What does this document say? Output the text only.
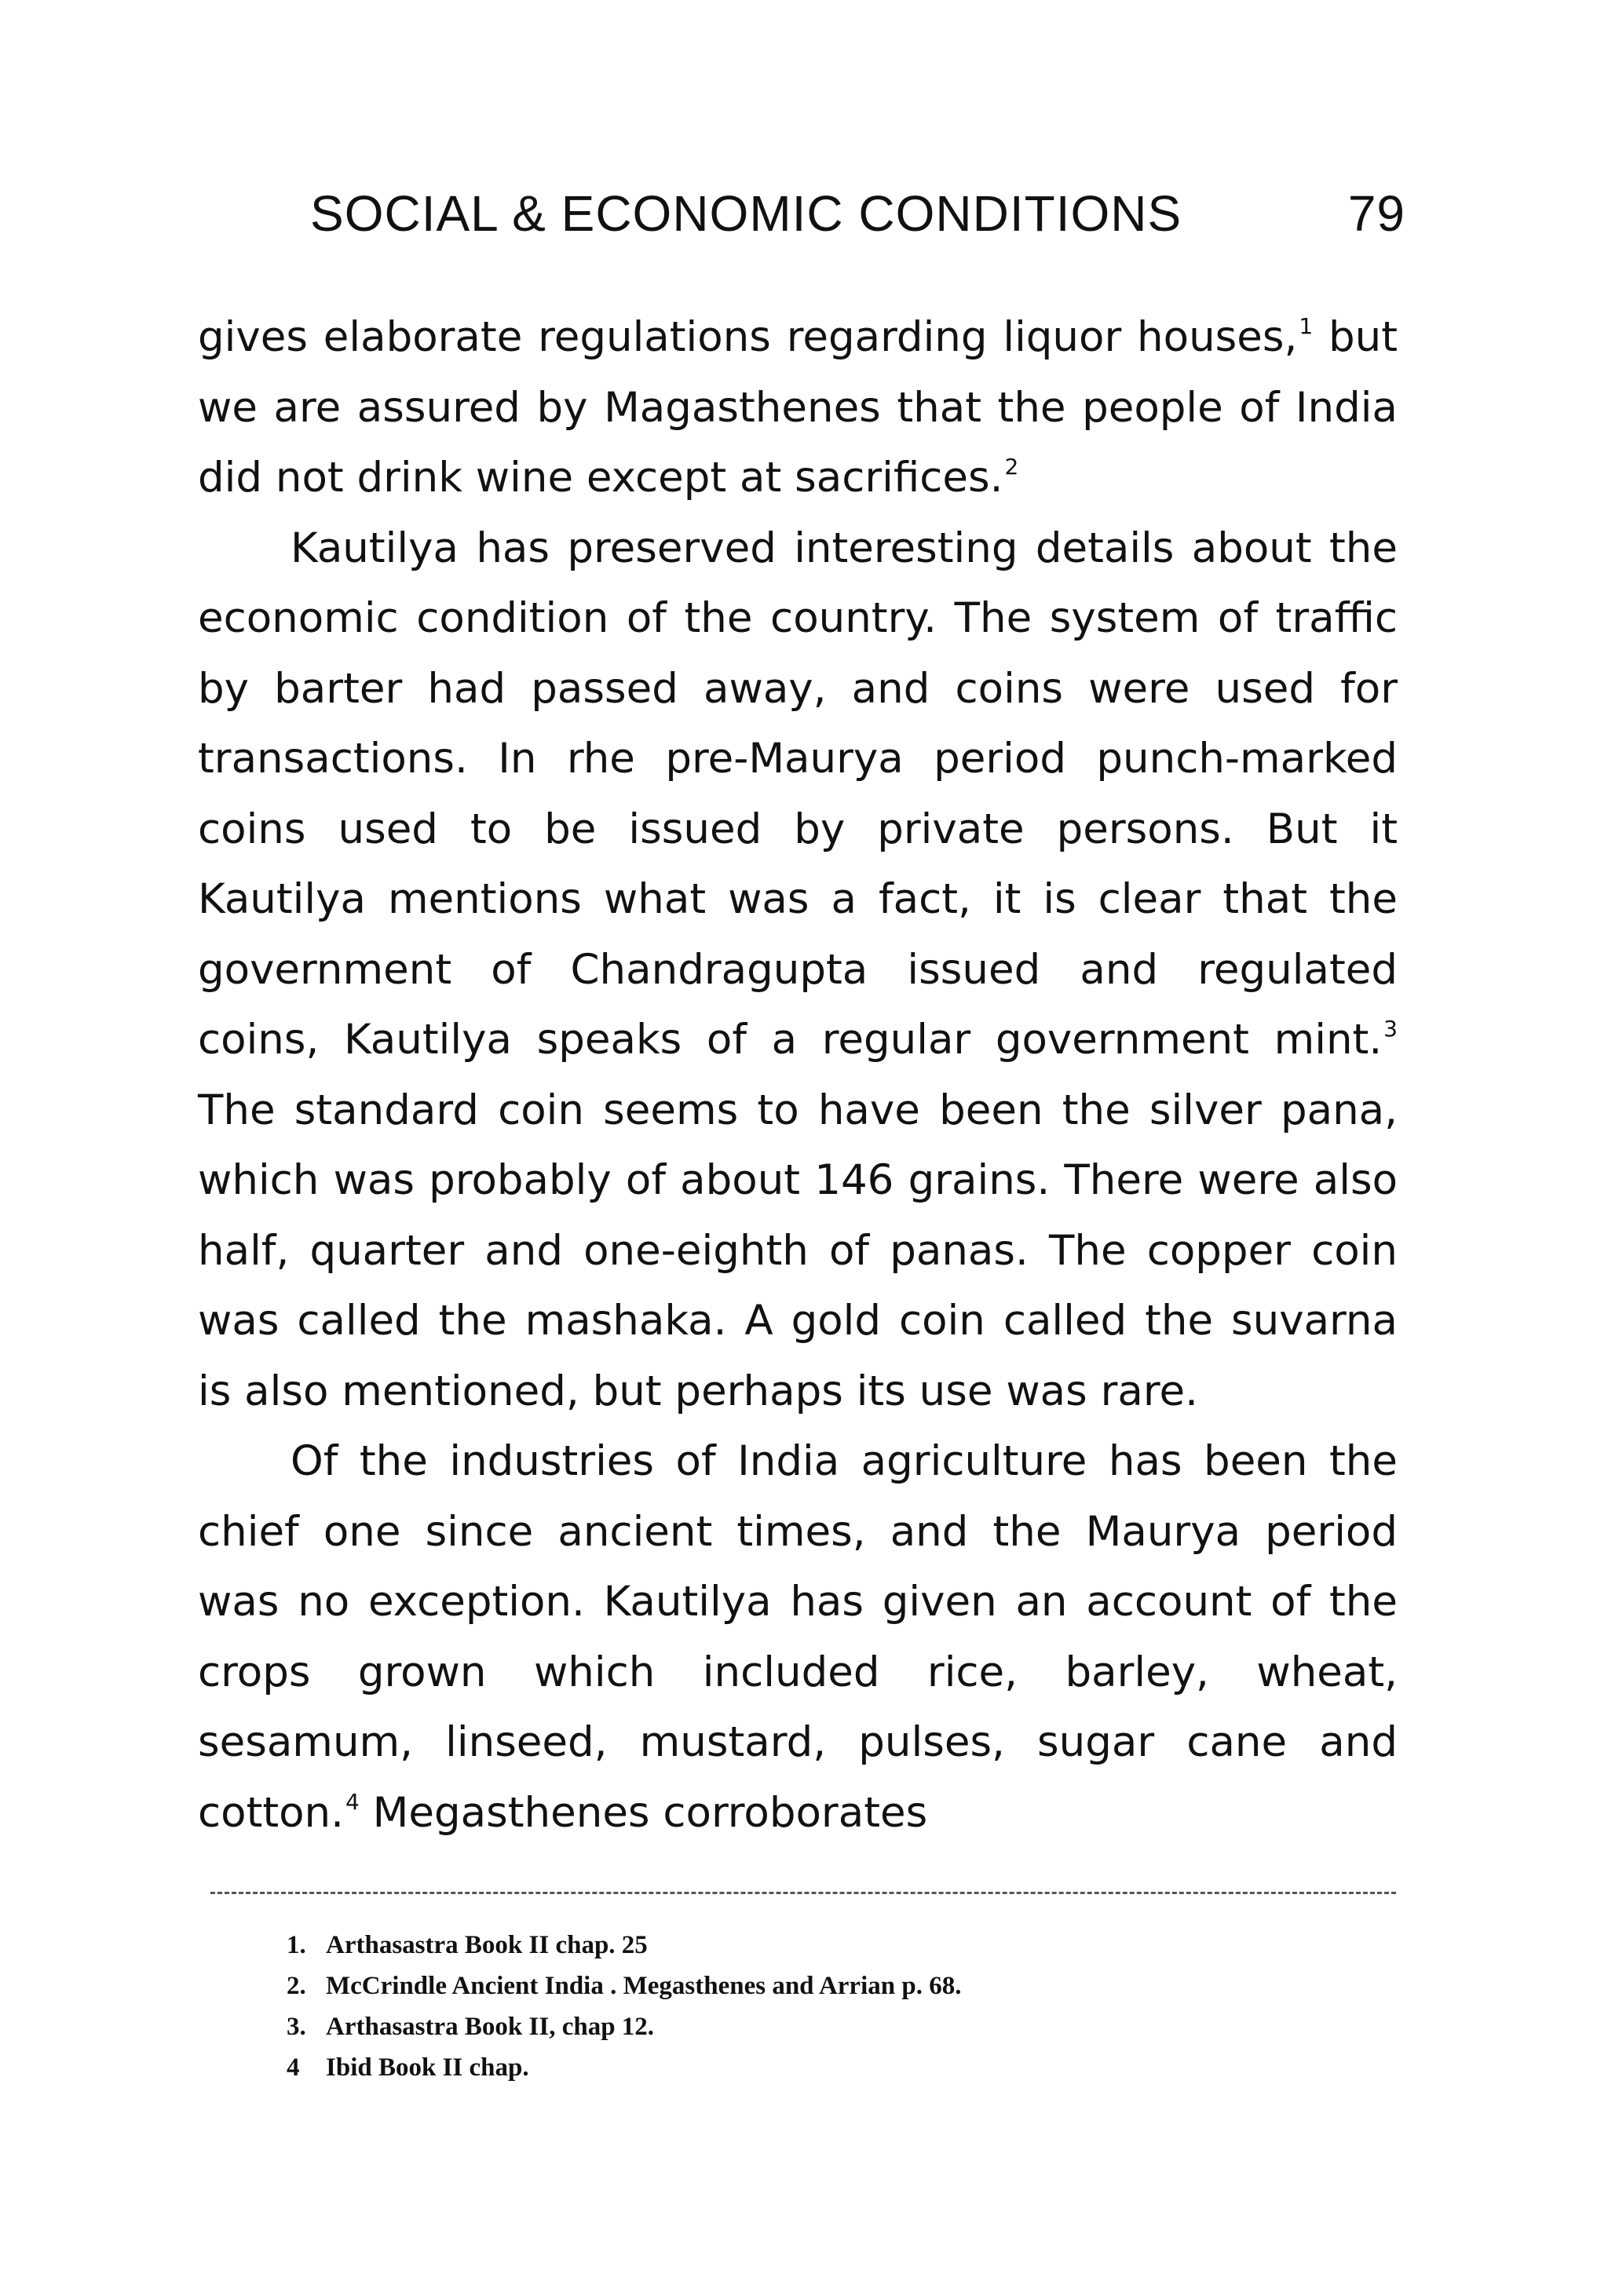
SOCIAL & ECONOMIC CONDITIONS	79

gives elaborate regulations regarding liquor houses,$^1$ but we are assured by Magasthenes that the people of India did not drink wine except at sacrifices.$^2$

Kautilya has preserved interesting details about the economic condition of the country. The system of traffic by barter had passed away, and coins were used for transactions. In rhe pre-Maurya period punch-marked coins used to be issued by private persons. But it Kautilya mentions what was a fact, it is clear that the government of Chandragupta issued and regulated coins, Kautilya speaks of a regular government mint.$^3$ The standard coin seems to have been the silver pana, which was probably of about 146 grains. There were also half, quarter and one-eighth of panas. The copper coin was called the mashaka. A gold coin called the suvarna is also mentioned, but perhaps its use was rare.

Of the industries of India agriculture has been the chief one since ancient times, and the Maurya period was no exception. Kautilya has given an account of the crops grown which included rice, barley, wheat, sesamum, linseed, mustard, pulses, sugar cane and cotton.$^4$ Megasthenes corroborates

1. Arthasastra Book II chap. 25
2. McCrindle Ancient India . Megasthenes and Arrian p. 68.
3. Arthasastra Book II, chap 12.
4 Ibid Book II chap.
